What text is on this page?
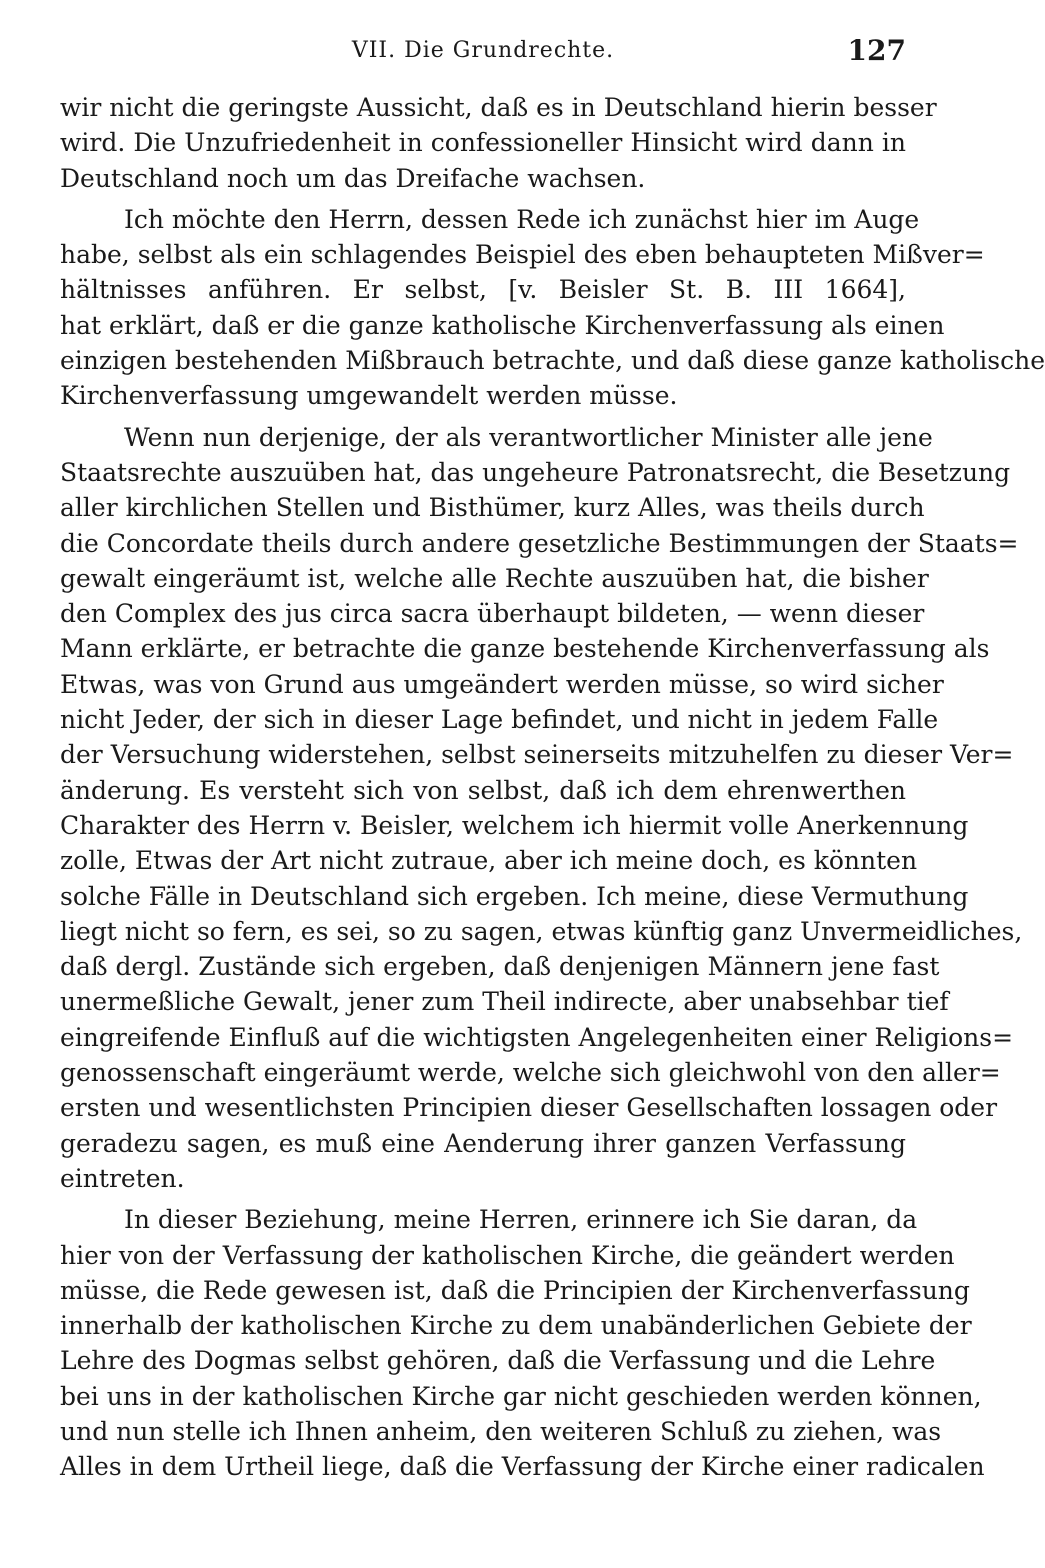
VII. Die Grundrechte.	127
wir nicht die geringste Aussicht, daß es in Deutschland hierin besser
wird. Die Unzufriedenheit in confessioneller Hinsicht wird dann in
Deutschland noch um das Dreifache wachsen.
Ich möchte den Herrn, dessen Rede ich zunächst hier im Auge
habe, selbst als ein schlagendes Beispiel des eben behaupteten Mißver=
hältnisses anführen. Er selbst, [v. Beisler St. B. III 1664],
hat erklärt, daß er die ganze katholische Kirchenverfassung als einen
einzigen bestehenden Mißbrauch betrachte, und daß diese ganze katholische
Kirchenverfassung umgewandelt werden müsse.
Wenn nun derjenige, der als verantwortlicher Minister alle jene
Staatsrechte auszuüben hat, das ungeheure Patronatsrecht, die Besetzung
aller kirchlichen Stellen und Bisthümer, kurz Alles, was theils durch
die Concordate theils durch andere gesetzliche Bestimmungen der Staats=
gewalt eingeräumt ist, welche alle Rechte auszuüben hat, die bisher
den Complex des jus circa sacra überhaupt bildeten, — wenn dieser
Mann erklärte, er betrachte die ganze bestehende Kirchenverfassung als
Etwas, was von Grund aus umgeändert werden müsse, so wird sicher
nicht Jeder, der sich in dieser Lage befindet, und nicht in jedem Falle
der Versuchung widerstehen, selbst seinerseits mitzuhelfen zu dieser Ver=
änderung. Es versteht sich von selbst, daß ich dem ehrenwerthen
Charakter des Herrn v. Beisler, welchem ich hiermit volle Anerkennung
zolle, Etwas der Art nicht zutraue, aber ich meine doch, es könnten
solche Fälle in Deutschland sich ergeben. Ich meine, diese Vermuthung
liegt nicht so fern, es sei, so zu sagen, etwas künftig ganz Unvermeidliches,
daß dergl. Zustände sich ergeben, daß denjenigen Männern jene fast
unermeßliche Gewalt, jener zum Theil indirecte, aber unabsehbar tief
eingreifende Einfluß auf die wichtigsten Angelegenheiten einer Religions=
genossenschaft eingeräumt werde, welche sich gleichwohl von den aller=
ersten und wesentlichsten Principien dieser Gesellschaften lossagen oder
geradezu sagen, es muß eine Aenderung ihrer ganzen Verfassung
eintreten.
In dieser Beziehung, meine Herren, erinnere ich Sie daran, da
hier von der Verfassung der katholischen Kirche, die geändert werden
müsse, die Rede gewesen ist, daß die Principien der Kirchenverfassung
innerhalb der katholischen Kirche zu dem unabänderlichen Gebiete der
Lehre des Dogmas selbst gehören, daß die Verfassung und die Lehre
bei uns in der katholischen Kirche gar nicht geschieden werden können,
und nun stelle ich Ihnen anheim, den weiteren Schluß zu ziehen, was
Alles in dem Urtheil liege, daß die Verfassung der Kirche einer radicalen
